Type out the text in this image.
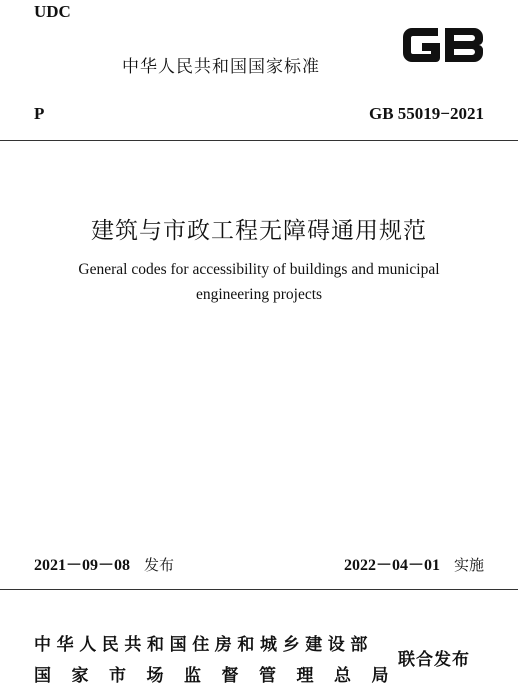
UDC
中华人民共和国国家标准
P	GB 55019−2021
建筑与市政工程无障碍通用规范
General codes for accessibility of buildings and municipal
engineering projects
2021－09－08 发布	2022－04－01 实施
中华人民共和国住房和城乡建设部
国家市场监督管理总局
联合发布
